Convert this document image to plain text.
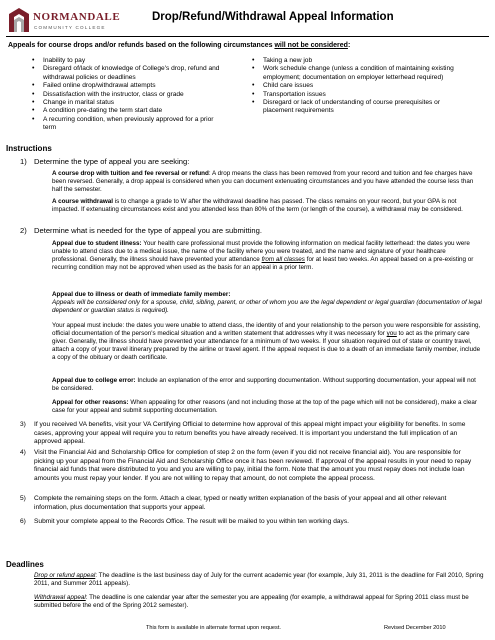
NORMANDALE
COMMUNITY COLLEGE
Drop/Refund/Withdrawal Appeal Information
Appeals for course drops and/or refunds based on the following circumstances will not be considered:
• Inability to pay
• Disregard of/lack of knowledge of College's drop, refund and withdrawal policies or deadlines
• Failed online drop/withdrawal attempts
• Dissatisfaction with the instructor, class or grade
• Change in marital status
• A condition pre-dating the term start date
• A recurring condition, when previously approved for a prior term
• Taking a new job
• Work schedule change (unless a condition of maintaining existing employment; documentation on employer letterhead required)
• Child care issues
• Transportation issues
• Disregard or lack of understanding of course prerequisites or placement requirements
Instructions
1) Determine the type of appeal you are seeking:
A course drop with tuition and fee reversal or refund: A drop means the class has been removed from your record and tuition and fee charges have been reversed. Generally, a drop appeal is considered when you can document extenuating circumstances and you have attended the course less than half the semester.
A course withdrawal is to change a grade to W after the withdrawal deadline has passed. The class remains on your record, but your GPA is not impacted. If extenuating circumstances exist and you attended less than 80% of the term (or length of the course), a withdrawal may be considered.
2) Determine what is needed for the type of appeal you are submitting.
Appeal due to student illness: Your health care professional must provide the following information on medical facility letterhead: the dates you were unable to attend class due to a medical issue, the name of the facility where you were treated, and the name and signature of your healthcare professional. Generally, the illness should have prevented your attendance from all classes for at least two weeks. An appeal based on a pre-existing or recurring condition may not be approved when used as the basis for an appeal in a prior term.
Appeal due to illness or death of immediate family member:
Appeals will be considered only for a spouse, child, sibling, parent, or other of whom you are the legal dependent or legal guardian (documentation of legal dependent or guardian status is required).
Your appeal must include: the dates you were unable to attend class, the identity of and your relationship to the person you were responsible for assisting, official documentation of the person's medical situation and a written statement that addresses why it was necessary for you to act as the primary care giver. Generally, the illness should have prevented your attendance for a minimum of two weeks. If your situation required out of state or country travel, attach a copy of your travel itinerary prepared by the airline or travel agent. If the appeal request is due to a death of an immediate family member, include a copy of the obituary or death certificate.
Appeal due to college error: Include an explanation of the error and supporting documentation. Without supporting documentation, your appeal will not be considered.
Appeal for other reasons: When appealing for other reasons (and not including those at the top of the page which will not be considered), make a clear case for your appeal and submit supporting documentation.
3) If you received VA benefits, visit your VA Certifying Official to determine how approval of this appeal might impact your eligibility for benefits. In some cases, approving your appeal will require you to return benefits you have already received. It is important you understand the full implication of an approved appeal.
4) Visit the Financial Aid and Scholarship Office for completion of step 2 on the form (even if you did not receive financial aid). You are responsible for picking up your appeal from the Financial Aid and Scholarship Office once it has been reviewed. If approval of the appeal results in your need to repay financial aid funds that were distributed to you and you are willing to pay, initial the form. Note that the amount you must repay does not include loan amounts you must repay your lender. If you are not willing to repay that amount, do not complete the appeal process.
5) Complete the remaining steps on the form. Attach a clear, typed or neatly written explanation of the basis of your appeal and all other relevant information, plus documentation that supports your appeal.
6) Submit your complete appeal to the Records Office. The result will be mailed to you within ten working days.
Deadlines
Drop or refund appeal: The deadline is the last business day of July for the current academic year (for example, July 31, 2011 is the deadline for Fall 2010, Spring 2011, and Summer 2011 appeals).
Withdrawal appeal: The deadline is one calendar year after the semester you are appealing (for example, a withdrawal appeal for Spring 2011 class must be submitted before the end of the Spring 2012 semester).
This form is available in alternate format upon request.	Revised December 2010
